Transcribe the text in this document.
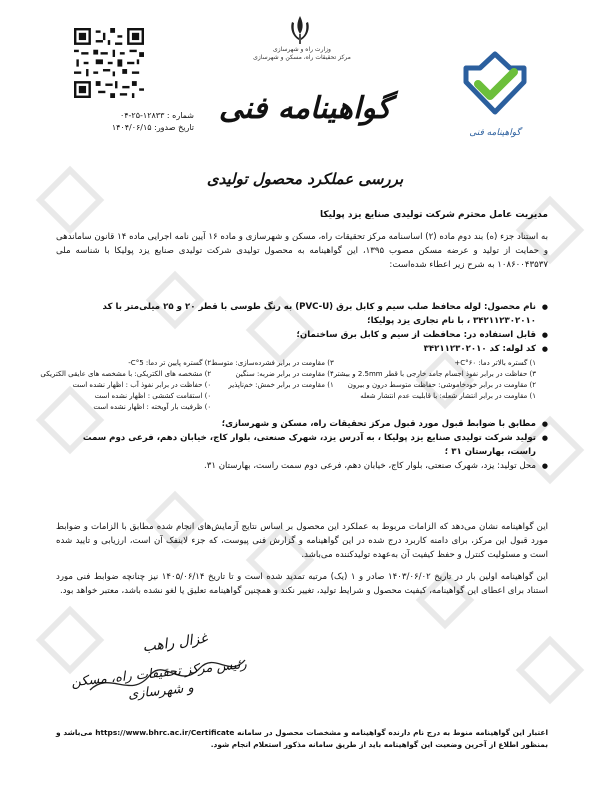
شماره : ۱۲۸۳۳-۲۵-۰۴
تاریخ صدور: ۱۴۰۴/۰۶/۱۵
وزارت راه و شهرسازی
مرکز تحقیقات راه، مسکن و شهرسازی
گواهینامه فنی
بررسی عملکرد محصول تولیدی
گواهینامه فنی
مدیریت عامل محترم شرکت تولیدی صنایع یزد پولیکا
به استناد جزء (ه) بند دوم ماده (۲) اساسنامه مرکز تحقیقات راه، مسکن و شهرسازی و ماده ۱۶ آیین نامه اجرایی ماده ۱۴ قانون ساماندهی و حمایت از تولید و عرضه مسکن مصوب ۱۳۹۵، این گواهینامه به محصول تولیدی شرکت تولیدی صنایع یزد پولیکا با شناسه ملی ۱۰۸۶۰۰۴۳۵۳۷ به شرح زیر اعطاء شده‌است:
● نام محصول: لوله محافظ صلب سیم و کابل برق (PVC-U) به رنگ طوسی با قطر ۲۰ و ۲۵ میلی‌متر با کد ۳۴۲۱۱۲۳۰۲۰۱۰ ، با نام تجاری یزد پولیکا؛
● قابل استفاده در: محافظت از سیم و کابل برق ساختمان؛
● کد لوله: کد ۳۴۲۱۱۲۳۰۲۰۱۰
۱) گستره بالاتر دما: ۶۰°C+
۳) حفاظت در برابر نفوذ اجسام جامد خارجی با قطر 2.5mm و بیشتر
۲) مقاومت در برابر خودخاموشی: حفاظت متوسط درون و بیرون
۱) مقاومت در برابر انتشار شعله: با قابلیت عدم انتشار شعله
۳) مقاومت در برابر فشرده‌سازی: متوسط
۴) مقاومت در برابر ضربه: سنگین
۱) مقاومت در برابر خمش: خم‌ناپذیر
۲) گستره پایین تر دما: 5°C-
۲) مشخصه های الکتریکی: با مشخصه های عایقی الکتریکی
۰) حفاظت در برابر نفوذ آب : اظهار نشده است
۰) استقامت کششی : اظهار نشده است
۰) ظرفیت بار آویخته : اظهار نشده است
● مطابق با ضوابط قبول مورد قبول مرکز تحقیقات راه، مسکن و شهرسازی؛
● تولید شرکت تولیدی صنایع یزد پولیکا ، به آدرس یزد، شهرک صنعتی، بلوار کاج، خیابان دهم، فرعی دوم سمت راست، بهارستان ۳۱ ؛
● محل تولید: یزد، شهرک صنعتی، بلوار کاج، خیابان دهم، فرعی دوم سمت راست، بهارستان ۳۱.
این گواهینامه نشان می‌دهد که الزامات مربوط به عملکرد این محصول بر اساس نتایج آزمایش‌های انجام شده مطابق با الزامات و ضوابط مورد قبول این مرکز، برای دامنه کاربرد درج شده در این گواهینامه و گزارش فنی پیوست، که جزء لاینفک آن است، ارزیابی و تایید شده است و مسئولیت کنترل و حفظ کیفیت آن به‌عهده تولیدکننده می‌باشد.
این گواهینامه اولین بار در تاریخ ۱۴۰۳/۰۶/۰۲ صادر و ۱ (یک) مرتبه تمدید شده است و تا تاریخ ۱۴۰۵/۰۶/۱۴ نیز چنانچه ضوابط فنی مورد استناد برای اعطای این گواهینامه، کیفیت محصول و شرایط تولید، تغییر نکند و همچنین گواهینامه تعلیق یا لغو نشده باشد، معتبر خواهد بود.
غزال راهب
رئیس مرکز تحقیقات راه، مسکن و شهرسازی
اعتبار این گواهینامه منوط به درج نام دارنده گواهینامه و مشخصات محصول در سامانه https://www.bhrc.ac.ir/Certificate می‌باشد و بمنظور اطلاع از آخرین وضعیت این گواهینامه باید از طریق سامانه مذکور استعلام انجام شود.
